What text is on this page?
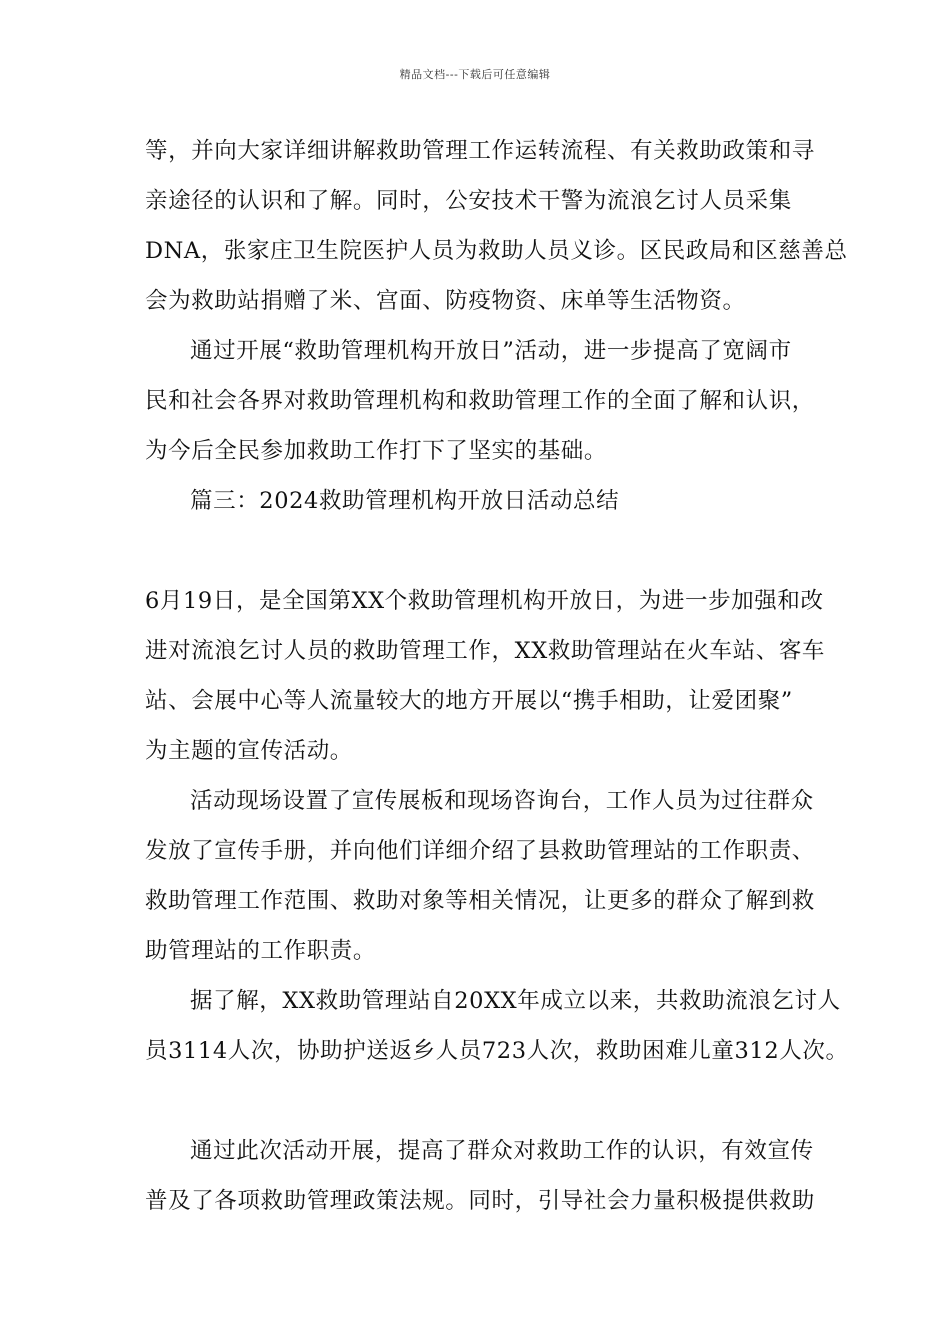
精品文档---下载后可任意编辑
等，并向大家详细讲解救助管理工作运转流程、有关救助政策和寻
亲途径的认识和了解。同时，公安技术干警为流浪乞讨人员采集
DNA，张家庄卫生院医护人员为救助人员义诊。区民政局和区慈善总
会为救助站捐赠了米、宫面、防疫物资、床单等生活物资。
通过开展“救助管理机构开放日”活动，进一步提高了宽阔市
民和社会各界对救助管理机构和救助管理工作的全面了解和认识，
为今后全民参加救助工作打下了坚实的基础。
篇三：2024救助管理机构开放日活动总结
6月19日，是全国第XX个救助管理机构开放日，为进一步加强和改
进对流浪乞讨人员的救助管理工作，XX救助管理站在火车站、客车
站、会展中心等人流量较大的地方开展以“携手相助，让爱团聚”
为主题的宣传活动。
活动现场设置了宣传展板和现场咨询台，工作人员为过往群众
发放了宣传手册，并向他们详细介绍了县救助管理站的工作职责、
救助管理工作范围、救助对象等相关情况，让更多的群众了解到救
助管理站的工作职责。
据了解，XX救助管理站自20XX年成立以来，共救助流浪乞讨人
员3114人次，协助护送返乡人员723人次，救助困难儿童312人次。
通过此次活动开展，提高了群众对救助工作的认识，有效宣传
普及了各项救助管理政策法规。同时，引导社会力量积极提供救助
